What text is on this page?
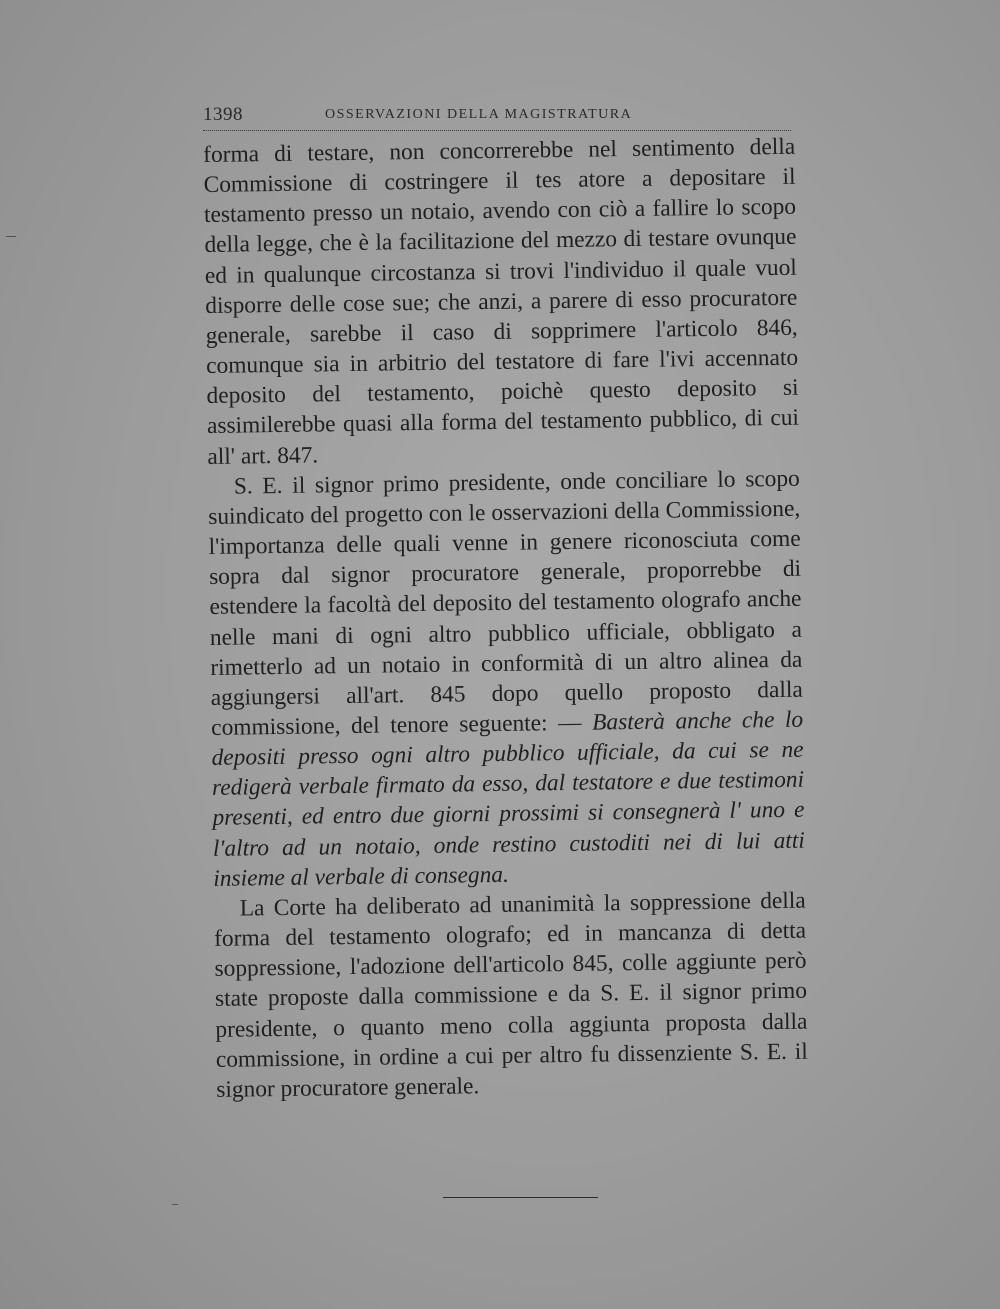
1398	OSSERVAZIONI DELLA MAGISTRATURA

forma di testare, non concorrerebbe nel sentimento della Commissione di costringere il tes atore a depositare il testamento presso un notaio, avendo con ciò a fallire lo scopo della legge, che è la facilitazione del mezzo di testare ovunque ed in qualunque circostanza si trovi l'individuo il quale vuol disporre delle cose sue; che anzi, a parere di esso procuratore generale, sarebbe il caso di sopprimere l'articolo 846, comunque sia in arbitrio del testatore di fare l'ivi accennato deposito del testamento, poichè questo deposito si assimilerebbe quasi alla forma del testamento pubblico, di cui all' art. 847.

S. E. il signor primo presidente, onde conciliare lo scopo suindicato del progetto con le osservazioni della Commissione, l'importanza delle quali venne in genere riconosciuta come sopra dal signor procuratore generale, proporrebbe di estendere la facoltà del deposito del testamento olografo anche nelle mani di ogni altro pubblico ufficiale, obbligato a rimetterlo ad un notaio in conformità di un altro alinea da aggiungersi all'art. 845 dopo quello proposto dalla commissione, del tenore seguente: — Basterà anche che lo depositi presso ogni altro pubblico ufficiale, da cui se ne redigerà verbale firmato da esso, dal testatore e due testimoni presenti, ed entro due giorni prossimi si consegnerà l' uno e l'altro ad un notaio, onde restino custoditi nei di lui atti insieme al verbale di consegna.

La Corte ha deliberato ad unanimità la soppressione della forma del testamento olografo; ed in mancanza di detta soppressione, l'adozione dell'articolo 845, colle aggiunte però state proposte dalla commissione e da S. E. il signor primo presidente, o quanto meno colla aggiunta proposta dalla commissione, in ordine a cui per altro fu dissenziente S. E. il signor procuratore generale.
